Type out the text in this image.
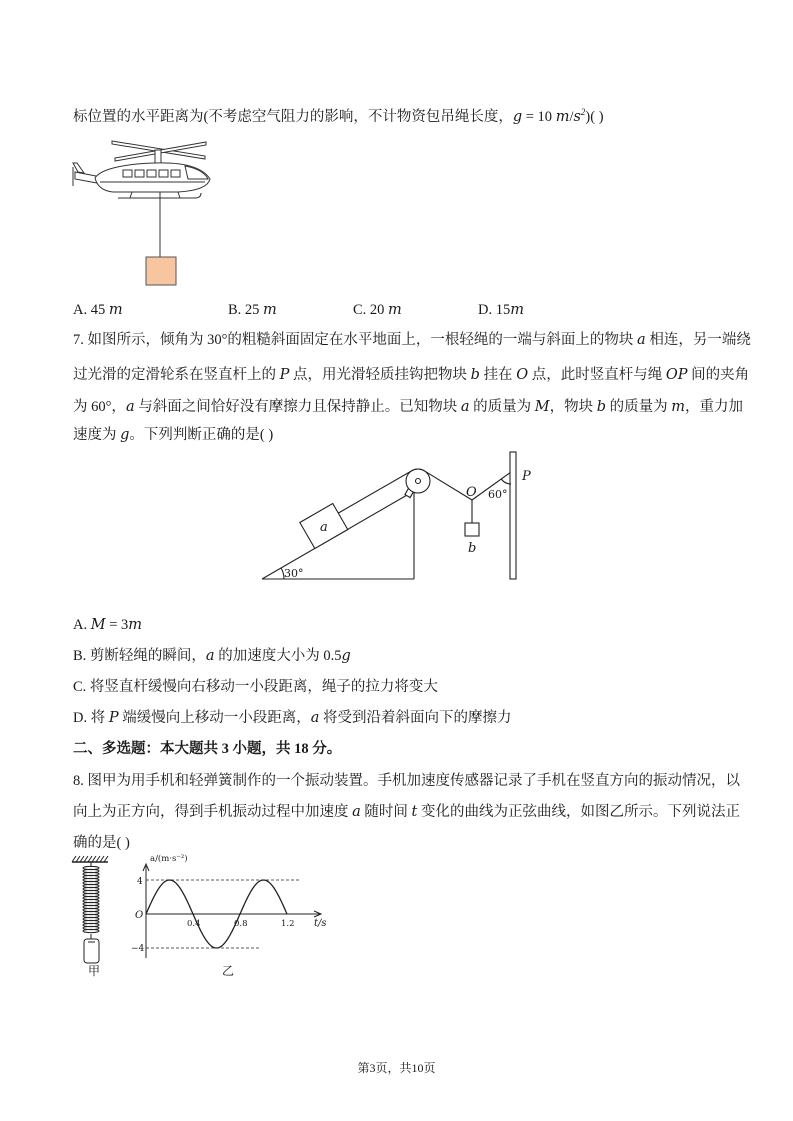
标位置的水平距离为(不考虑空气阻力的影响，不计物资包吊绳长度，g = 10 $m/s^2$)( )
A. 45 m	B. 25 m	C. 20 m	D. 15m
7. 如图所示，倾角为 30°的粗糙斜面固定在水平地面上，一根轻绳的一端与斜面上的物块 a 相连，另一端绕
过光滑的定滑轮系在竖直杆上的 P 点，用光滑轻质挂钩把物块 b 挂在 O 点，此时竖直杆与绳 OP 间的夹角
为 60°，a 与斜面之间恰好没有摩擦力且保持静止。已知物块 a 的质量为 M，物块 b 的质量为 m，重力加
速度为 g。下列判断正确的是( )
30°
a
O
P
60°
b
A. M = 3m
B. 剪断轻绳的瞬间，a 的加速度大小为 0.5g
C. 将竖直杆缓慢向右移动一小段距离，绳子的拉力将变大
D. 将 P 端缓慢向上移动一小段距离，a 将受到沿着斜面向下的摩擦力
二、多选题：本大题共 3 小题，共 18 分。
8. 图甲为用手机和轻弹簧制作的一个振动装置。手机加速度传感器记录了手机在竖直方向的振动情况，以
向上为正方向，得到手机振动过程中加速度 a 随时间 t 变化的曲线为正弦曲线，如图乙所示。下列说法正
确的是( )
甲
a/(m·s⁻²)
t/s
O
4
−4
0.4	0.8	1.2
乙
第3页，共10页
